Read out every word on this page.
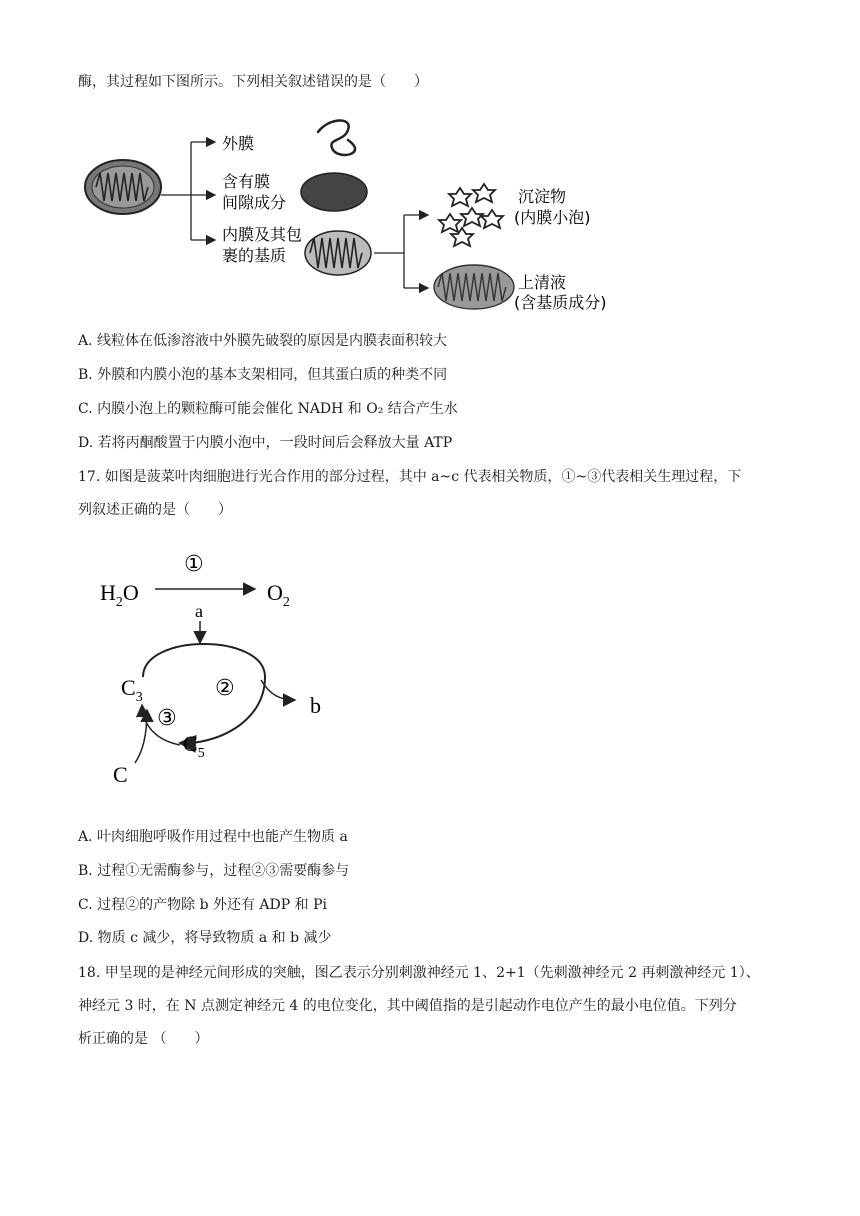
酶，其过程如下图所示。下列相关叙述错误的是（　　）
外膜
含有膜
间隙成分
内膜及其包
裹的基质
沉淀物
(内膜小泡)
上清液
(含基质成分)
A. 线粒体在低渗溶液中外膜先破裂的原因是内膜表面积较大
B. 外膜和内膜小泡的基本支架相同，但其蛋白质的种类不同
C. 内膜小泡上的颗粒酶可能会催化 NADH 和 O₂ 结合产生水
D. 若将丙酮酸置于内膜小泡中，一段时间后会释放大量 ATP
17. 如图是菠菜叶肉细胞进行光合作用的部分过程，其中 a~c 代表相关物质，①~③代表相关生理过程，下
列叙述正确的是（　　）
$H_2O$	$O_2$
①
a
②
③
b
$C_3$
$C_5$
C
A. 叶肉细胞呼吸作用过程中也能产生物质 a
B. 过程①无需酶参与，过程②③需要酶参与
C. 过程②的产物除 b 外还有 ADP 和 Pi
D. 物质 c 减少，将导致物质 a 和 b 减少
18. 甲呈现的是神经元间形成的突触，图乙表示分别刺激神经元 1、2+1（先刺激神经元 2 再刺激神经元 1）、
神经元 3 时，在 N 点测定神经元 4 的电位变化，其中阈值指的是引起动作电位产生的最小电位值。下列分
析正确的是 （　　）
